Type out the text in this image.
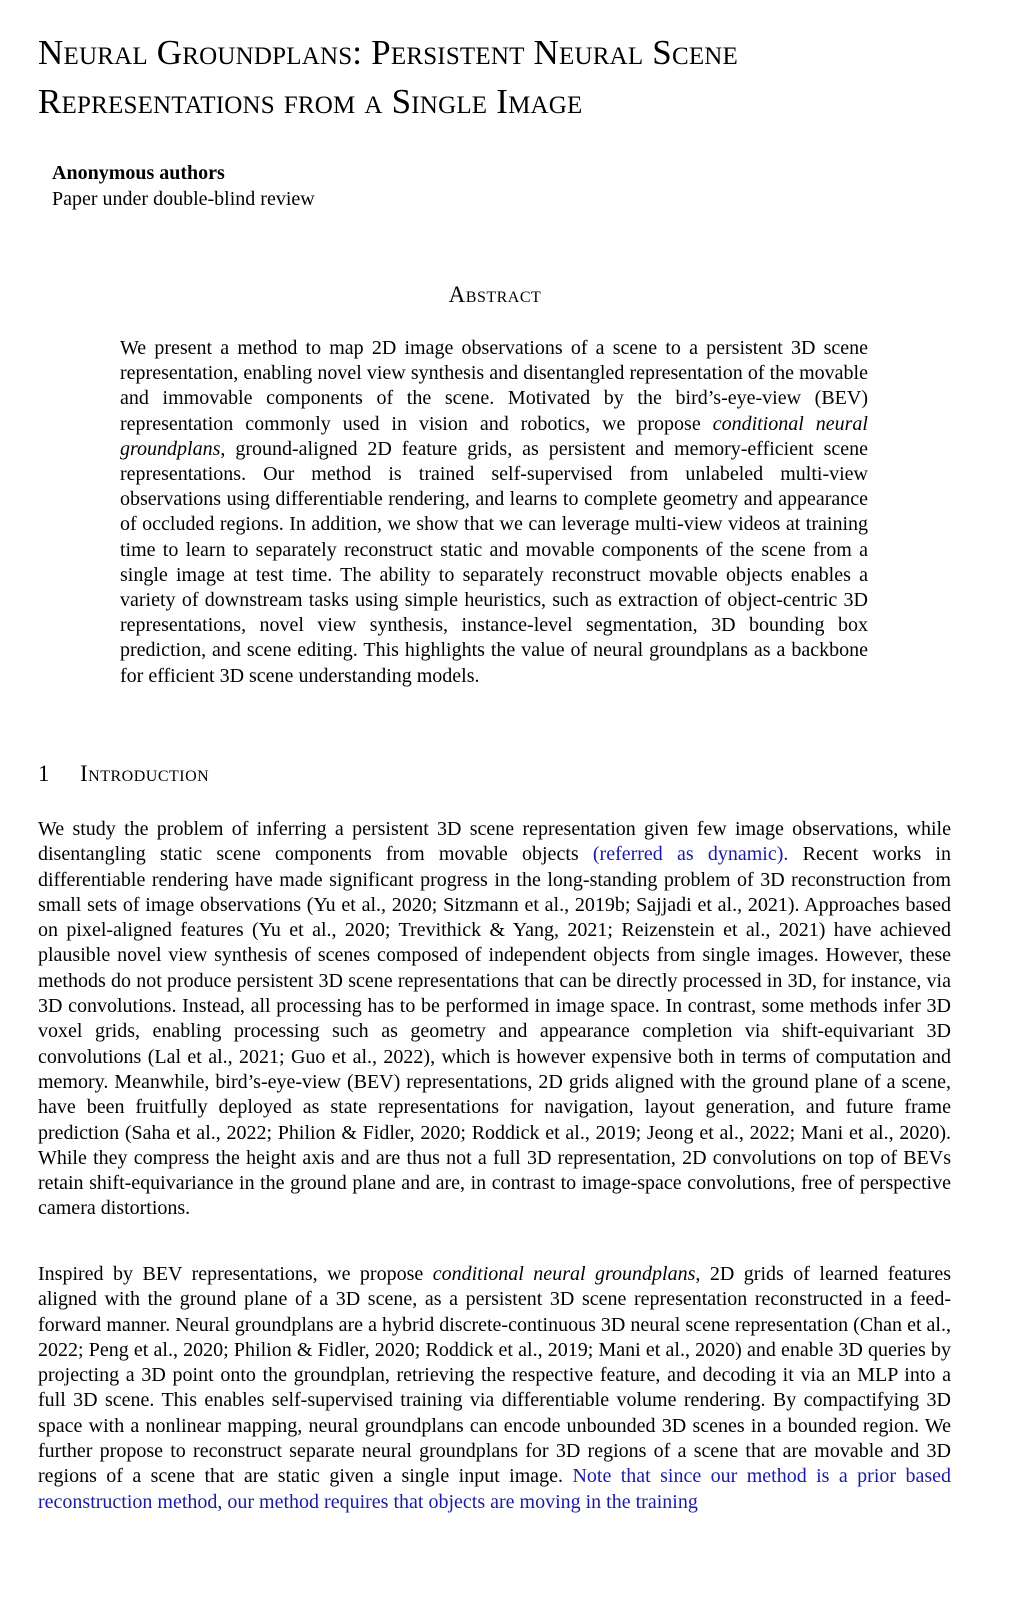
Neural Groundplans: Persistent Neural Scene Representations from a Single Image
Anonymous authors
Paper under double-blind review
Abstract

We present a method to map 2D image observations of a scene to a persistent 3D scene representation, enabling novel view synthesis and disentangled representation of the movable and immovable components of the scene. Motivated by the bird’s-eye-view (BEV) representation commonly used in vision and robotics, we propose conditional neural groundplans, ground-aligned 2D feature grids, as persistent and memory-efficient scene representations. Our method is trained self-supervised from unlabeled multi-view observations using differentiable rendering, and learns to complete geometry and appearance of occluded regions. In addition, we show that we can leverage multi-view videos at training time to learn to separately reconstruct static and movable components of the scene from a single image at test time. The ability to separately reconstruct movable objects enables a variety of downstream tasks using simple heuristics, such as extraction of object-centric 3D representations, novel view synthesis, instance-level segmentation, 3D bounding box prediction, and scene editing. This highlights the value of neural groundplans as a backbone for efficient 3D scene understanding models.

1 Introduction

We study the problem of inferring a persistent 3D scene representation given few image observations, while disentangling static scene components from movable objects (referred as dynamic). Recent works in differentiable rendering have made significant progress in the long-standing problem of 3D reconstruction from small sets of image observations (Yu et al., 2020; Sitzmann et al., 2019b; Sajjadi et al., 2021). Approaches based on pixel-aligned features (Yu et al., 2020; Trevithick & Yang, 2021; Reizenstein et al., 2021) have achieved plausible novel view synthesis of scenes composed of independent objects from single images. However, these methods do not produce persistent 3D scene representations that can be directly processed in 3D, for instance, via 3D convolutions. Instead, all processing has to be performed in image space. In contrast, some methods infer 3D voxel grids, enabling processing such as geometry and appearance completion via shift-equivariant 3D convolutions (Lal et al., 2021; Guo et al., 2022), which is however expensive both in terms of computation and memory. Meanwhile, bird’s-eye-view (BEV) representations, 2D grids aligned with the ground plane of a scene, have been fruitfully deployed as state representations for navigation, layout generation, and future frame prediction (Saha et al., 2022; Philion & Fidler, 2020; Roddick et al., 2019; Jeong et al., 2022; Mani et al., 2020). While they compress the height axis and are thus not a full 3D representation, 2D convolutions on top of BEVs retain shift-equivariance in the ground plane and are, in contrast to image-space convolutions, free of perspective camera distortions.

Inspired by BEV representations, we propose conditional neural groundplans, 2D grids of learned features aligned with the ground plane of a 3D scene, as a persistent 3D scene representation reconstructed in a feed-forward manner. Neural groundplans are a hybrid discrete-continuous 3D neural scene representation (Chan et al., 2022; Peng et al., 2020; Philion & Fidler, 2020; Roddick et al., 2019; Mani et al., 2020) and enable 3D queries by projecting a 3D point onto the groundplan, retrieving the respective feature, and decoding it via an MLP into a full 3D scene. This enables self-supervised training via differentiable volume rendering. By compactifying 3D space with a nonlinear mapping, neural groundplans can encode unbounded 3D scenes in a bounded region. We further propose to reconstruct separate neural groundplans for 3D regions of a scene that are movable and 3D regions of a scene that are static given a single input image. Note that since our method is a prior based reconstruction method, our method requires that objects are moving in the training
